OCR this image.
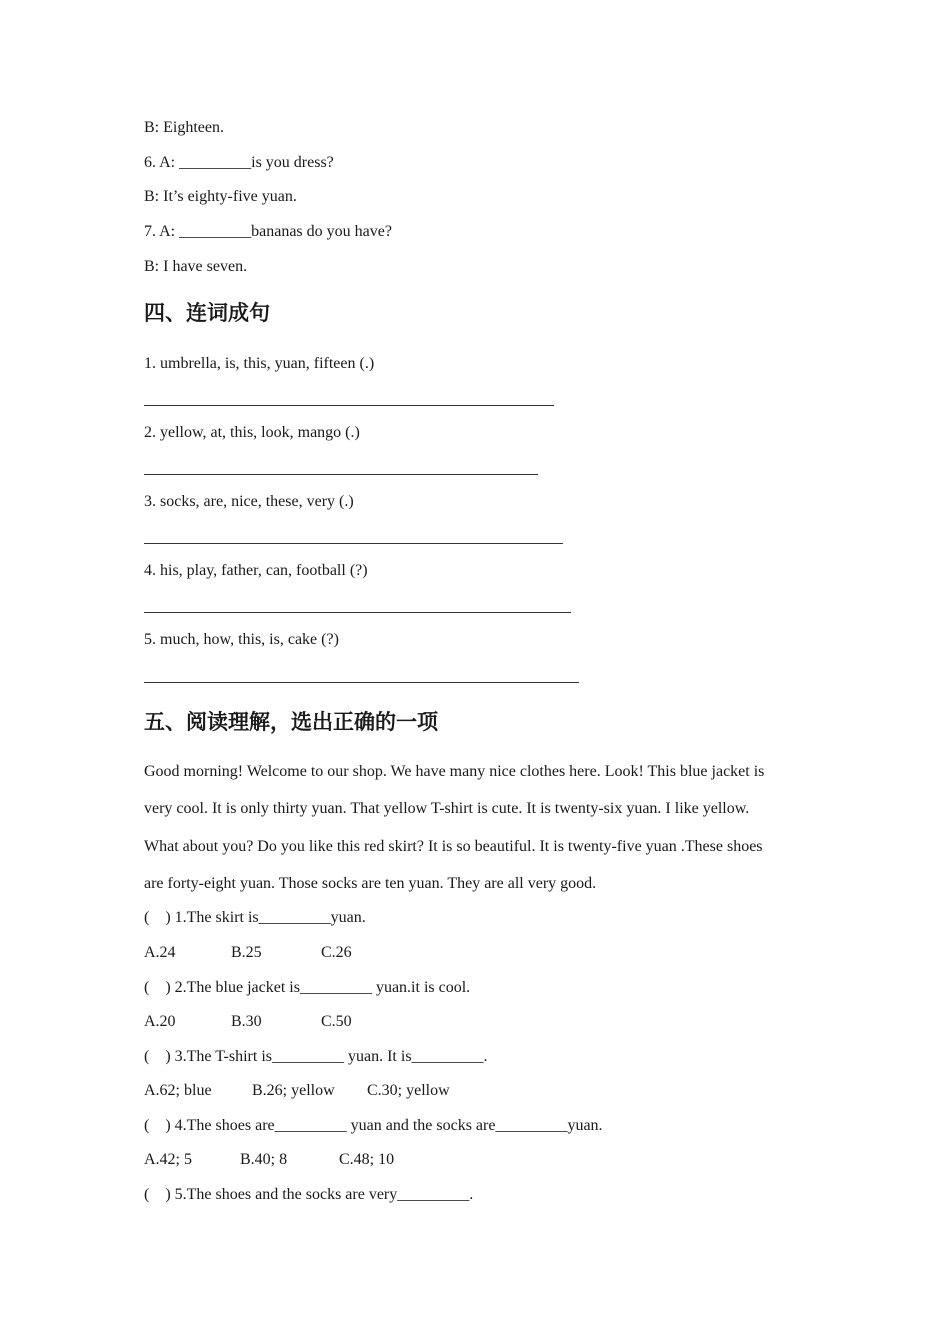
B: Eighteen.
6. A: _________is you dress?
B: It’s eighty-five yuan.
7. A: _________bananas do you have?
B: I have seven.
四、连词成句
1. umbrella, is, this, yuan, fifteen (.)
2. yellow, at, this, look, mango (.)
3. socks, are, nice, these, very (.)
4. his, play, father, can, football (?)
5. much, how, this, is, cake (?)
五、阅读理解，选出正确的一项
Good morning! Welcome to our shop. We have many nice clothes here. Look! This blue jacket is
very cool. It is only thirty yuan. That yellow T-shirt is cute. It is twenty-six yuan. I like yellow.
What about you? Do you like this red skirt? It is so beautiful. It is twenty-five yuan .These shoes
are forty-eight yuan. Those socks are ten yuan. They are all very good.
(    ) 1.The skirt is_________yuan.
A.24	B.25	C.26
(    ) 2.The blue jacket is_________ yuan.it is cool.
A.20	B.30	C.50
(    ) 3.The T-shirt is_________ yuan. It is_________.
A.62; blue	B.26; yellow C.30; yellow
(    ) 4.The shoes are_________ yuan and the socks are_________yuan.
A.42; 5	B.40; 8	C.48; 10
(    ) 5.The shoes and the socks are very_________.
